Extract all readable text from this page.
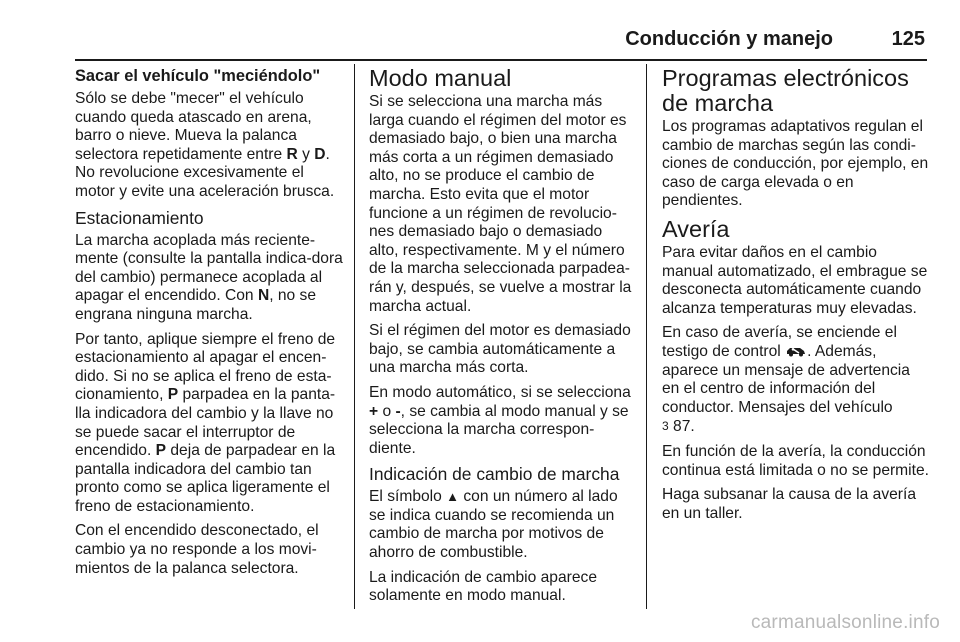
Conducción y manejo	125
Sacar el vehículo "meciéndolo"

Sólo se debe "mecer" el vehículo cuando queda atascado en arena, barro o nieve. Mueva la palanca selectora repetidamente entre R y D. No revolucione excesivamente el motor y evite una aceleración brusca.

Estacionamiento

La marcha acoplada más reciente-mente (consulte la pantalla indica-dora del cambio) permanece acoplada al apagar el encendido. Con N, no se engrana ninguna marcha.

Por tanto, aplique siempre el freno de estacionamiento al apagar el encen-dido. Si no se aplica el freno de esta-cionamiento, P parpadea en la panta-lla indicadora del cambio y la llave no se puede sacar el interruptor de encendido. P deja de parpadear en la pantalla indicadora del cambio tan pronto como se aplica ligeramente el freno de estacionamiento.

Con el encendido desconectado, el cambio ya no responde a los movi-mientos de la palanca selectora.

Modo manual

Si se selecciona una marcha más larga cuando el régimen del motor es demasiado bajo, o bien una marcha más corta a un régimen demasiado alto, no se produce el cambio de marcha. Esto evita que el motor funcione a un régimen de revolucio-nes demasiado bajo o demasiado alto, respectivamente. M y el número de la marcha seleccionada parpadea-rán y, después, se vuelve a mostrar la marcha actual.

Si el régimen del motor es demasiado bajo, se cambia automáticamente a una marcha más corta.

En modo automático, si se selecciona + o -, se cambia al modo manual y se selecciona la marcha correspon-diente.

Indicación de cambio de marcha

El símbolo ▲ con un número al lado se indica cuando se recomienda un cambio de marcha por motivos de ahorro de combustible.

La indicación de cambio aparece solamente en modo manual.

Programas electrónicos de marcha

Los programas adaptativos regulan el cambio de marchas según las condi-ciones de conducción, por ejemplo, en caso de carga elevada o en pendientes.

Avería

Para evitar daños en el cambio manual automatizado, el embrague se desconecta automáticamente cuando alcanza temperaturas muy elevadas.

En caso de avería, se enciende el testigo de control . Además, aparece un mensaje de advertencia en el centro de información del conductor. Mensajes del vehículo
3 87.

En función de la avería, la conducción continua está limitada o no se permite.

Haga subsanar la causa de la avería en un taller.

carmanualsonline.info
